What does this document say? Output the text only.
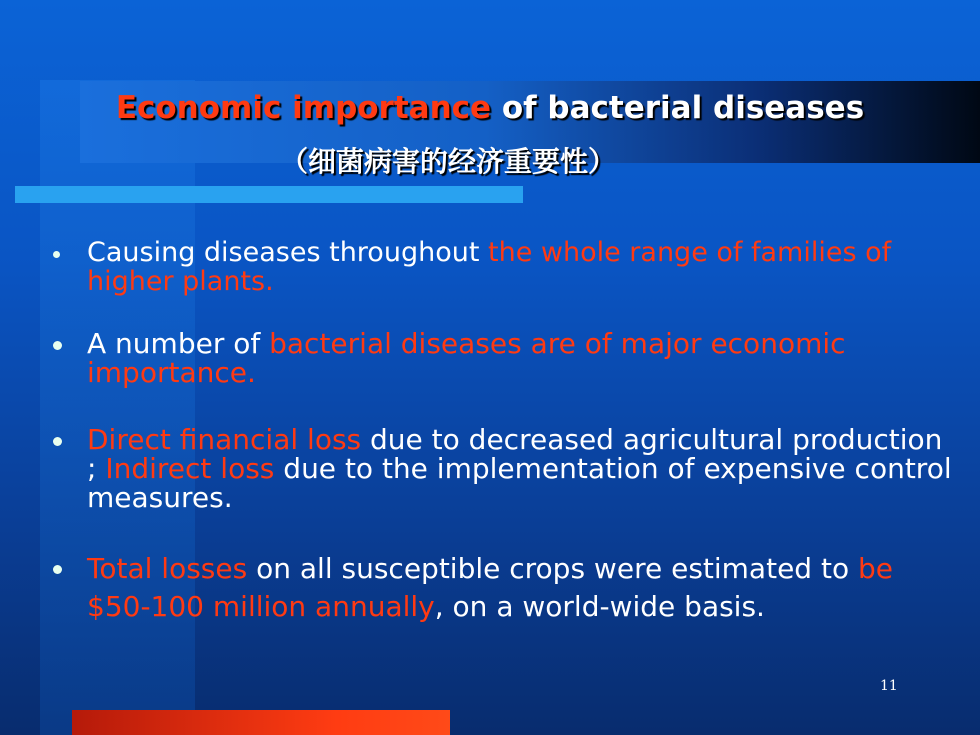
Economic importance of bacterial diseases
（细菌病害的经济重要性）
Causing diseases throughout the whole range of families of higher plants.
A number of bacterial diseases are of major economic importance.
Direct financial loss due to decreased agricultural production ; Indirect loss due to the implementation of expensive control measures.
Total losses on all susceptible crops were estimated to be $50-100 million annually, on a world-wide basis.
11
